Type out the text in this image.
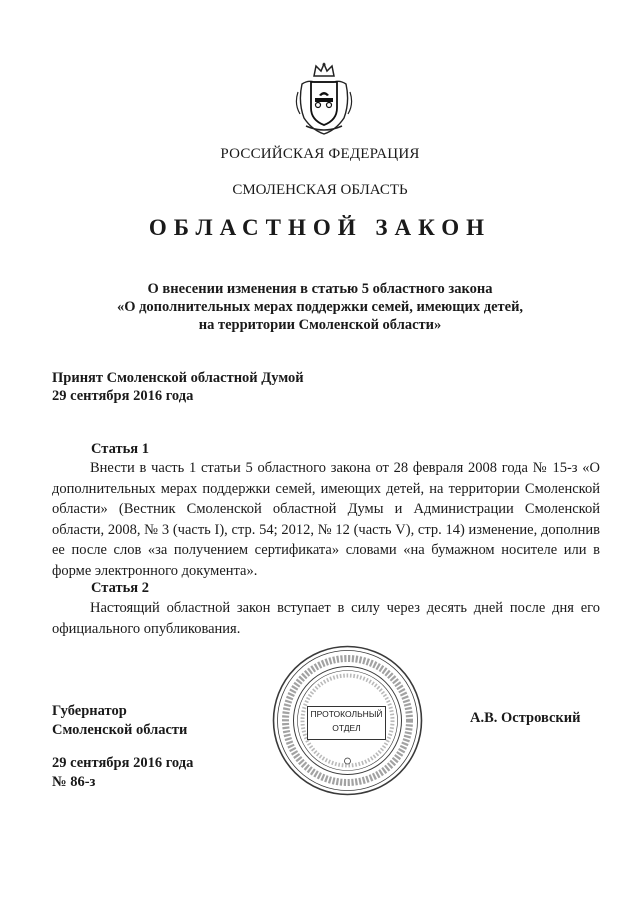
РОССИЙСКАЯ ФЕДЕРАЦИЯ
СМОЛЕНСКАЯ ОБЛАСТЬ
ОБЛАСТНОЙ ЗАКОН
О внесении изменения в статью 5 областного закона
«О дополнительных мерах поддержки семей, имеющих детей,
на территории Смоленской области»
Принят Смоленской областной Думой
29 сентября 2016 года
Статья 1
Внести в часть 1 статьи 5 областного закона от 28 февраля 2008 года № 15-з «О дополнительных мерах поддержки семей, имеющих детей, на территории Смоленской области» (Вестник Смоленской областной Думы и Администрации Смоленской области, 2008, № 3 (часть I), стр. 54; 2012, № 12 (часть V), стр. 14) изменение, дополнив ее после слов «за получением сертификата» словами «на бумажном носителе или в форме электронного документа».
Статья 2
Настоящий областной закон вступает в силу через десять дней после дня его официального опубликования.
Губернатор
Смоленской области
А.В. Островский
29 сентября 2016 года
№ 86-з
ПРОТОКОЛЬНЫЙ
ОТДЕЛ
